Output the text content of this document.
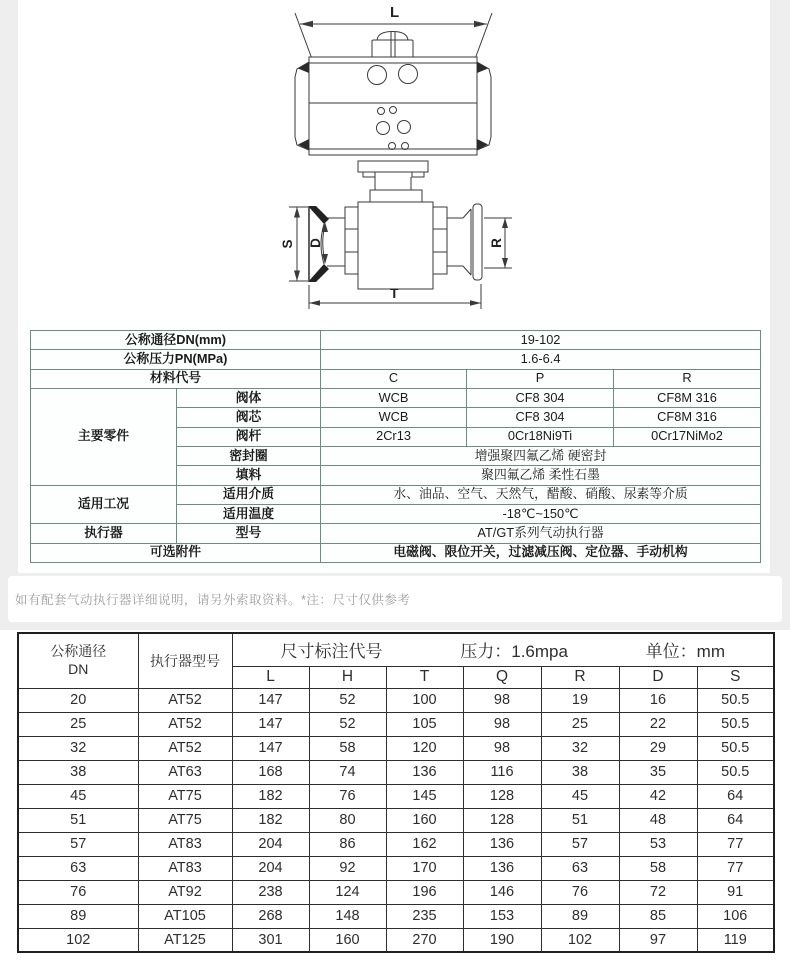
L
S D	R
T
公称通径DN(mm)		19-102		
公称压力PN(MPa)		1.6-6.4		
材料代号		C	P	R
主要零件	阀体	WCB	CF8 304	CF8M 316
	阀芯	WCB	CF8 304	CF8M 316
	阀杆	2Cr13	0Cr18Ni9Ti	0Cr17NiMo2
	密封圈	增强聚四氟乙烯 硬密封		
	填料	聚四氟乙烯 柔性石墨		
适用工况	适用介质	水、油品、空气、天然气，醋酸、硝酸、尿素等介质		
	适用温度	-18℃~150℃		
执行器	型号	AT/GT系列气动执行器		
可选附件		电磁阀、限位开关，过滤减压阀、定位器、手动机构		
如有配套气动执行器详细说明，请另外索取资料。*注：尺寸仅供参考
公称通径
DN	执行器型号	尺寸标注代号 压力：1.6mpa 单位：mm						

		L	H	T	Q	R	D	S
20	AT52	147	52	100	98	19	16	50.5
25	AT52	147	52	105	98	25	22	50.5
32	AT52	147	58	120	98	32	29	50.5
38	AT63	168	74	136	116	38	35	50.5
45	AT75	182	76	145	128	45	42	64
51	AT75	182	80	160	128	51	48	64
57	AT83	204	86	162	136	57	53	77
63	AT83	204	92	170	136	63	58	77
76	AT92	238	124	196	146	76	72	91
89	AT105	268	148	235	153	89	85	106
102	AT125	301	160	270	190	102	97	119
